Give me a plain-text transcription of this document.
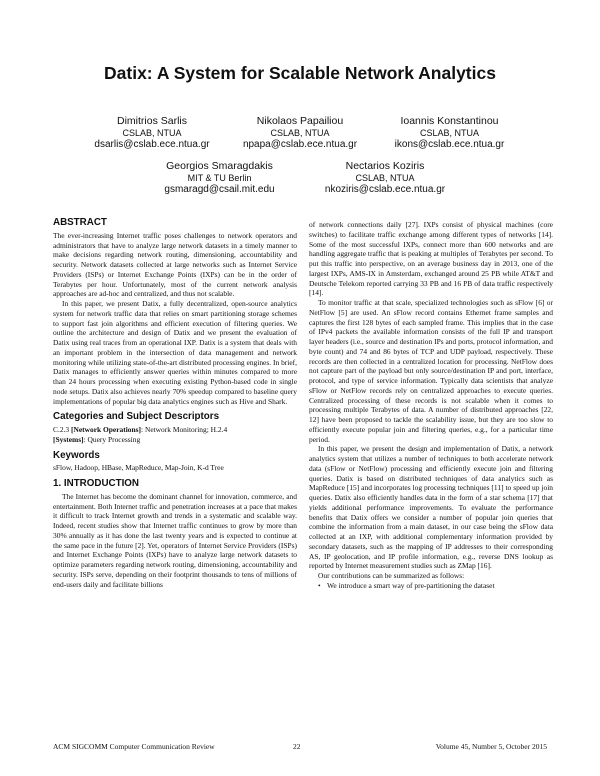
Datix: A System for Scalable Network Analytics
Dimitrios Sarlis
CSLAB, NTUA
dsarlis@cslab.ece.ntua.gr
Nikolaos Papailiou
CSLAB, NTUA
npapa@cslab.ece.ntua.gr
Ioannis Konstantinou
CSLAB, NTUA
ikons@cslab.ece.ntua.gr
Georgios Smaragdakis
MIT & TU Berlin
gsmaragd@csail.mit.edu
Nectarios Koziris
CSLAB, NTUA
nkoziris@cslab.ece.ntua.gr
ABSTRACT

The ever-increasing Internet traffic poses challenges to network operators and administrators that have to analyze large network datasets in a timely manner to make decisions regarding network routing, dimensioning, accountability and security. Network datasets collected at large networks such as Internet Service Providers (ISPs) or Internet Exchange Points (IXPs) can be in the order of Terabytes per hour. Unfortunately, most of the current network analysis approaches are ad-hoc and centralized, and thus not scalable.

In this paper, we present Datix, a fully decentralized, open-source analytics system for network traffic data that relies on smart partitioning storage schemes to support fast join algorithms and efficient execution of filtering queries. We outline the architecture and design of Datix and we present the evaluation of Datix using real traces from an operational IXP. Datix is a system that deals with an important problem in the intersection of data management and network monitoring while utilizing state-of-the-art distributed processing engines. In brief, Datix manages to efficiently answer queries within minutes compared to more than 24 hours processing when executing existing Python-based code in single node setups. Datix also achieves nearly 70% speedup compared to baseline query implementations of popular big data analytics engines such as Hive and Shark.

Categories and Subject Descriptors

C.2.3 [Network Operations]: Network Monitoring; H.2.4
[Systems]: Query Processing

Keywords

sFlow, Hadoop, HBase, MapReduce, Map-Join, K-d Tree

1. INTRODUCTION

The Internet has become the dominant channel for innovation, commerce, and entertainment. Both Internet traffic and penetration increases at a pace that makes it difficult to track Internet growth and trends in a systematic and scalable way. Indeed, recent studies show that Internet traffic continues to grow by more than 30% annually as it has done the last twenty years and is expected to continue at the same pace in the future [2]. Yet, operators of Internet Service Providers (ISPs) and Internet Exchange Points (IXPs) have to analyze large network datasets to optimize parameters regarding network routing, dimensioning, accountability and security. ISPs serve, depending on their footprint thousands to tens of millions of end-users daily and facilitate billions

of network connections daily [27]. IXPs consist of physical machines (core switches) to facilitate traffic exchange among different types of networks [14]. Some of the most successful IXPs, connect more than 600 networks and are handling aggregate traffic that is peaking at multiples of Terabytes per second. To put this traffic into perspective, on an average business day in 2013, one of the largest IXPs, AMS-IX in Amsterdam, exchanged around 25 PB while AT&T and Deutsche Telekom reported carrying 33 PB and 16 PB of data traffic respectively [14].

To monitor traffic at that scale, specialized technologies such as sFlow [6] or NetFlow [5] are used. An sFlow record contains Ethernet frame samples and captures the first 128 bytes of each sampled frame. This implies that in the case of IPv4 packets the available information consists of the full IP and transport layer headers (i.e., source and destination IPs and ports, protocol information, and byte count) and 74 and 86 bytes of TCP and UDP payload, respectively. These records are then collected in a centralized location for processing. NetFlow does not capture part of the payload but only source/destination IP and port, interface, protocol, and type of service information. Typically data scientists that analyze sFlow or NetFlow records rely on centralized approaches to execute queries. Centralized processing of these records is not scalable when it comes to processing multiple Terabytes of data. A number of distributed approaches [22, 12] have been proposed to tackle the scalability issue, but they are too slow to efficiently execute popular join and filtering queries, e.g., for a particular time period.

In this paper, we present the design and implementation of Datix, a network analytics system that utilizes a number of techniques to both accelerate network data (sFlow or NetFlow) processing and efficiently execute join and filtering queries. Datix is based on distributed techniques of data analytics such as MapReduce [15] and incorporates log processing techniques [11] to speed up join queries. Datix also efficiently handles data in the form of a star schema [17] that yields additional performance improvements. To evaluate the performance benefits that Datix offers we consider a number of popular join queries that combine the information from a main dataset, in our case being the sFlow data collected at an IXP, with additional complementary information provided by secondary datasets, such as the mapping of IP addresses to their corresponding AS, IP geolocation, and IP profile information, e.g., reverse DNS lookup as reported by Internet measurement studies such as ZMap [16].

Our contributions can be summarized as follows:

• We introduce a smart way of pre-partitioning the dataset

ACM SIGCOMM Computer Communication Review	22	Volume 45, Number 5, October 2015
